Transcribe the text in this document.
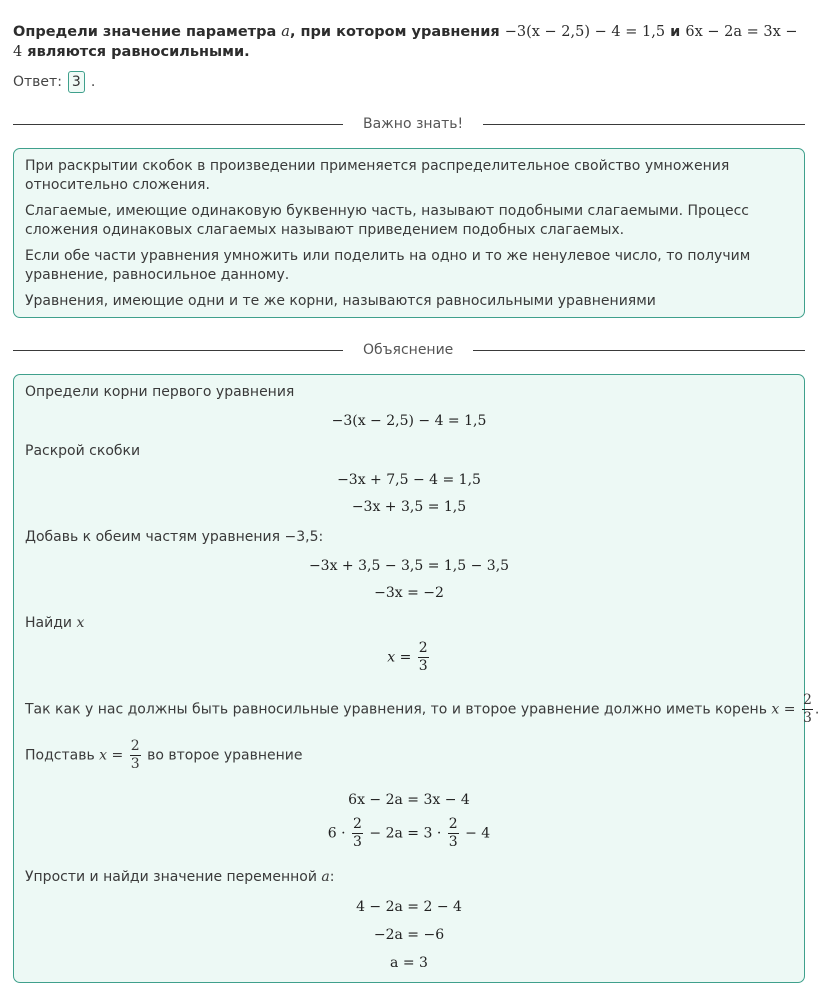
Определи значение параметра a, при котором уравнения −3(x − 2,5) − 4 = 1,5 и 6x − 2a = 3x − 4 являются равносильными.
Ответ: 3 .
Важно знать!

При раскрытии скобок в произведении применяется распределительное свойство умножения относительно сложения.

Слагаемые, имеющие одинаковую буквенную часть, называют подобными слагаемыми. Процесс сложения одинаковых слагаемых называют приведением подобных слагаемых.

Если обе части уравнения умножить или поделить на одно и то же ненулевое число, то получим уравнение, равносильное данному.

Уравнения, имеющие одни и те же корни, называются равносильными уравнениями

Объяснение
Определи корни первого уравнения
−3(x − 2,5) − 4 = 1,5
Раскрой скобки
−3x + 7,5 − 4 = 1,5
−3x + 3,5 = 1,5
Добавь к обеим частям уравнения −3,5:
−3x + 3,5 − 3,5 = 1,5 − 3,5
−3x = −2
Найди x
$x = \frac{2}{3}$
Так как у нас должны быть равносильные уравнения, то и второе уравнение должно иметь корень $x = \frac{2}{3}$ .
Подставь $x = \frac{2}{3}$ во второе уравнение
6x − 2a = 3x − 4
$6 \cdot \frac{2}{3} - 2a = 3 \cdot \frac{2}{3} - 4$
Упрости и найди значение переменной a:
4 − 2a = 2 − 4
−2a = −6
a = 3
